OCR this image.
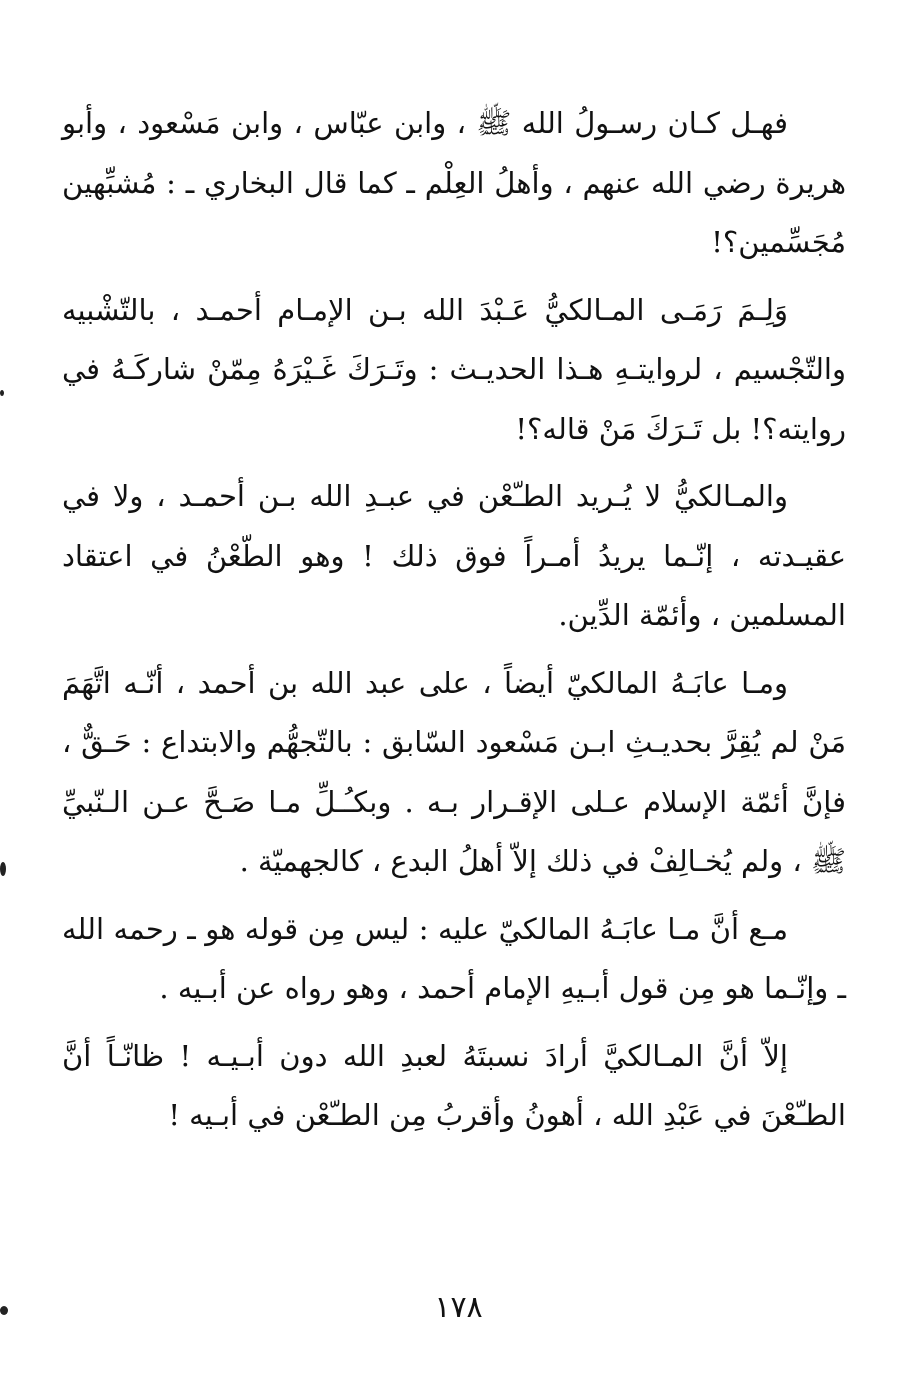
فهـل كـان رسـولُ الله ﷺ ، وابن عبّاس ، وابن مَسْعود ، وأبو هريرة رضي الله عنهم ، وأهلُ العِلْم ـ كما قال البخاري ـ : مُشبِّهين مُجَسِّمين؟!

وَلِـمَ رَمَـى المـالكيُّ عَـبْدَ الله بـن الإمـام أحمـد ، بالتّشْبيه والتّجْسيم ، لروايتـهِ هـذا الحديـث : وتَـرَكَ غَـيْرَهُ مِمّنْ شاركَـهُ في روايته؟! بل تَـرَكَ مَنْ قاله؟!

والمـالكيُّ لا يُـريد الطـّعْن في عبـدِ الله بـن أحمـد ، ولا في عقيـدته ، إنّـما يريدُ أمـراً فوق ذلك ! وهو الطّعْنُ في اعتقاد المسلمين ، وأئمّة الدِّين.

ومـا عابَـهُ المالكيّ أيضاً ، على عبد الله بن أحمد ، أنّـه اتَّهَمَ مَنْ لم يُقِرَّ بحديـثِ ابـن مَسْعود السّابق : بالتّجهُّم والابتداع : حَـقٌّ ، فإنَّ أئمّة الإسلام عـلى الإقـرار بـه . وبكـُـلِّ مـا صَـحَّ عـن الـنّبيِّ ﷺ ، ولم يُخـالِفْ في ذلك إلاّ أهلُ البدع ، كالجهميّة .

مـع أنَّ مـا عابَـهُ المالكيّ عليه : ليس مِن قوله هو ـ رحمه الله ـ وإنّـما هو مِن قول أبـيهِ الإمام أحمد ، وهو رواه عن أبـيه .

إلاّ أنَّ المـالكيَّ أرادَ نسبتَهُ لعبدِ الله دون أبـيـه ! ظانّـاً أنَّ الطـّعْنَ في عَبْدِ الله ، أهونُ وأقربُ مِن الطـّعْن في أبـيه !

١٧٨
